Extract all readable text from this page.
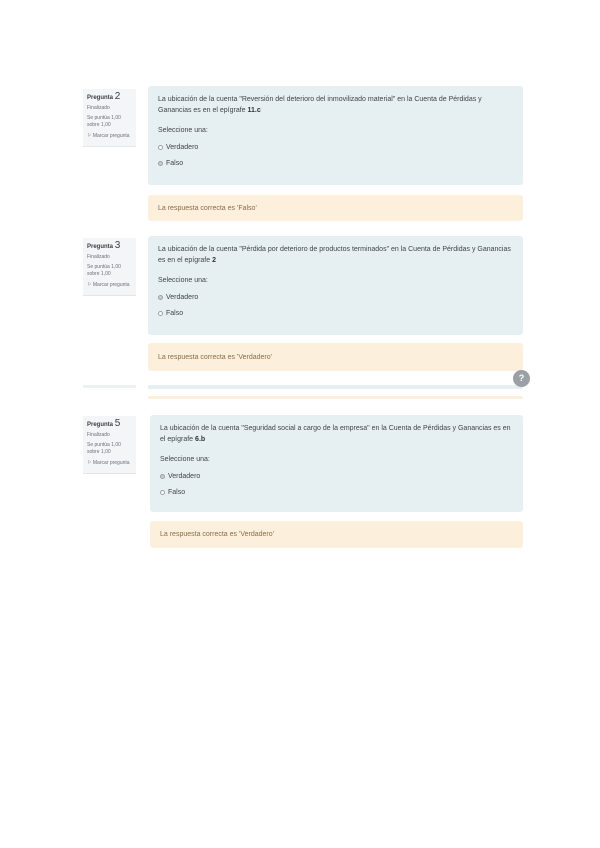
Pregunta 2
Finalizado
Se puntúa 1,00 sobre 1,00
⚐ Marcar pregunta
La ubicación de la cuenta "Reversión del deterioro del inmovilizado material" en la Cuenta de Pérdidas y Ganancias es en el epígrafe 11.c
Seleccione una:
Verdadero
Falso
La respuesta correcta es 'Falso'
Pregunta 3
Finalizado
Se puntúa 1,00 sobre 1,00
⚐ Marcar pregunta
La ubicación de la cuenta "Pérdida por deterioro de productos terminados" en la Cuenta de Pérdidas y Ganancias es en el epígrafe 2
Seleccione una:
Verdadero
Falso
La respuesta correcta es 'Verdadero'
?
Pregunta 5
Finalizado
Se puntúa 1,00 sobre 1,00
⚐ Marcar pregunta
La ubicación de la cuenta "Seguridad social a cargo de la empresa" en la Cuenta de Pérdidas y Ganancias es en el epígrafe 6.b
Seleccione una:
Verdadero
Falso
La respuesta correcta es 'Verdadero'
